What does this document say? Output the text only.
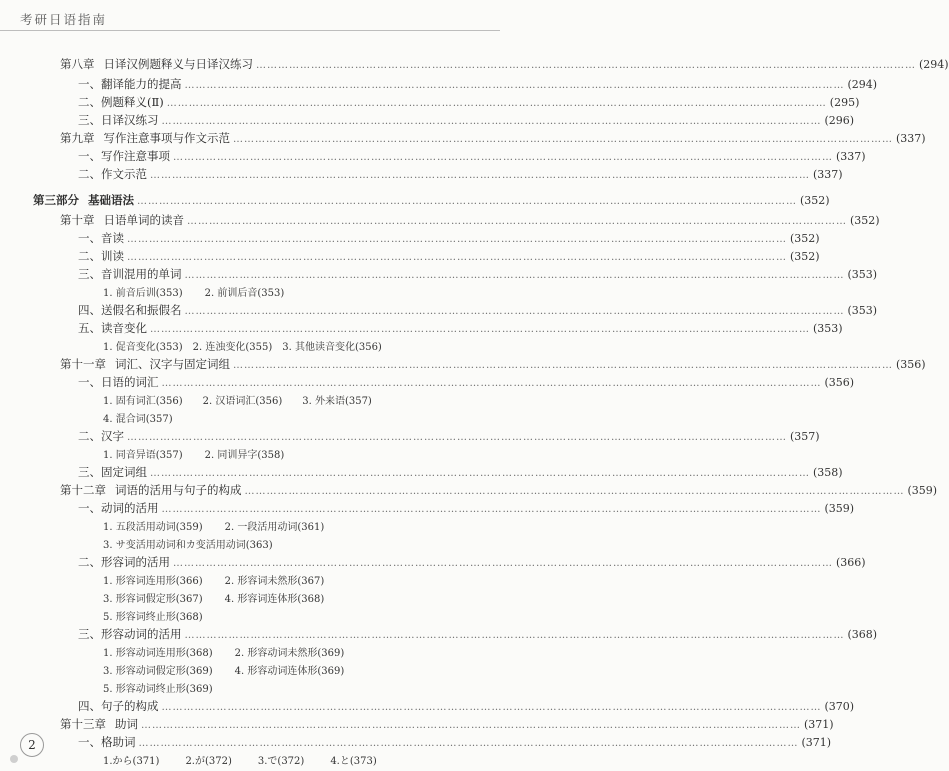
考研日语指南
第八章 日译汉例题释义与日译汉练习 ……………………………………………………………………………………………………………………………………………………………… (294)
一、翻译能力的提高 ……………………………………………………………………………………………………………………………………………………………… (294)
二、例题释义(Ⅱ) ……………………………………………………………………………………………………………………………………………………………… (295)
三、日译汉练习 ……………………………………………………………………………………………………………………………………………………………… (296)
第九章 写作注意事项与作文示范 ……………………………………………………………………………………………………………………………………………………………… (337)
一、写作注意事项 ……………………………………………………………………………………………………………………………………………………………… (337)
二、作文示范 ……………………………………………………………………………………………………………………………………………………………… (337)
第三部分 基础语法 ……………………………………………………………………………………………………………………………………………………………… (352)
第十章 日语单词的读音 ……………………………………………………………………………………………………………………………………………………………… (352)
一、音读 ……………………………………………………………………………………………………………………………………………………………… (352)
二、训读 ……………………………………………………………………………………………………………………………………………………………… (352)
三、音训混用的单词 ……………………………………………………………………………………………………………………………………………………………… (353)
1. 前音后训(353) 2. 前训后音(353)
四、送假名和振假名 ……………………………………………………………………………………………………………………………………………………………… (353)
五、读音变化 ……………………………………………………………………………………………………………………………………………………………… (353)
1. 促音变化(353) 2. 连浊变化(355) 3. 其他读音变化(356)
第十一章 词汇、汉字与固定词组 ……………………………………………………………………………………………………………………………………………………………… (356)
一、日语的词汇 ……………………………………………………………………………………………………………………………………………………………… (356)
1. 固有词汇(356) 2. 汉语词汇(356) 3. 外来语(357)
4. 混合词(357)
二、汉字 ……………………………………………………………………………………………………………………………………………………………… (357)
1. 同音异语(357) 2. 同训异字(358)
三、固定词组 ……………………………………………………………………………………………………………………………………………………………… (358)
第十二章 词语的活用与句子的构成 ……………………………………………………………………………………………………………………………………………………………… (359)
一、动词的活用 ……………………………………………………………………………………………………………………………………………………………… (359)
1. 五段活用动词(359) 2. 一段活用动词(361)
3. サ变活用动词和カ变活用动词(363)
二、形容词的活用 ……………………………………………………………………………………………………………………………………………………………… (366)
1. 形容词连用形(366) 2. 形容词未然形(367)
3. 形容词假定形(367) 4. 形容词连体形(368)
5. 形容词终止形(368)
三、形容动词的活用 ……………………………………………………………………………………………………………………………………………………………… (368)
1. 形容动词连用形(368) 2. 形容动词未然形(369)
3. 形容动词假定形(369) 4. 形容动词连体形(369)
5. 形容动词终止形(369)
四、句子的构成 ……………………………………………………………………………………………………………………………………………………………… (370)
第十三章 助词 ……………………………………………………………………………………………………………………………………………………………… (371)
一、格助词 ……………………………………………………………………………………………………………………………………………………………… (371)
1.から(371)	2.が(372)	3.で(372)	4.と(373)
2
